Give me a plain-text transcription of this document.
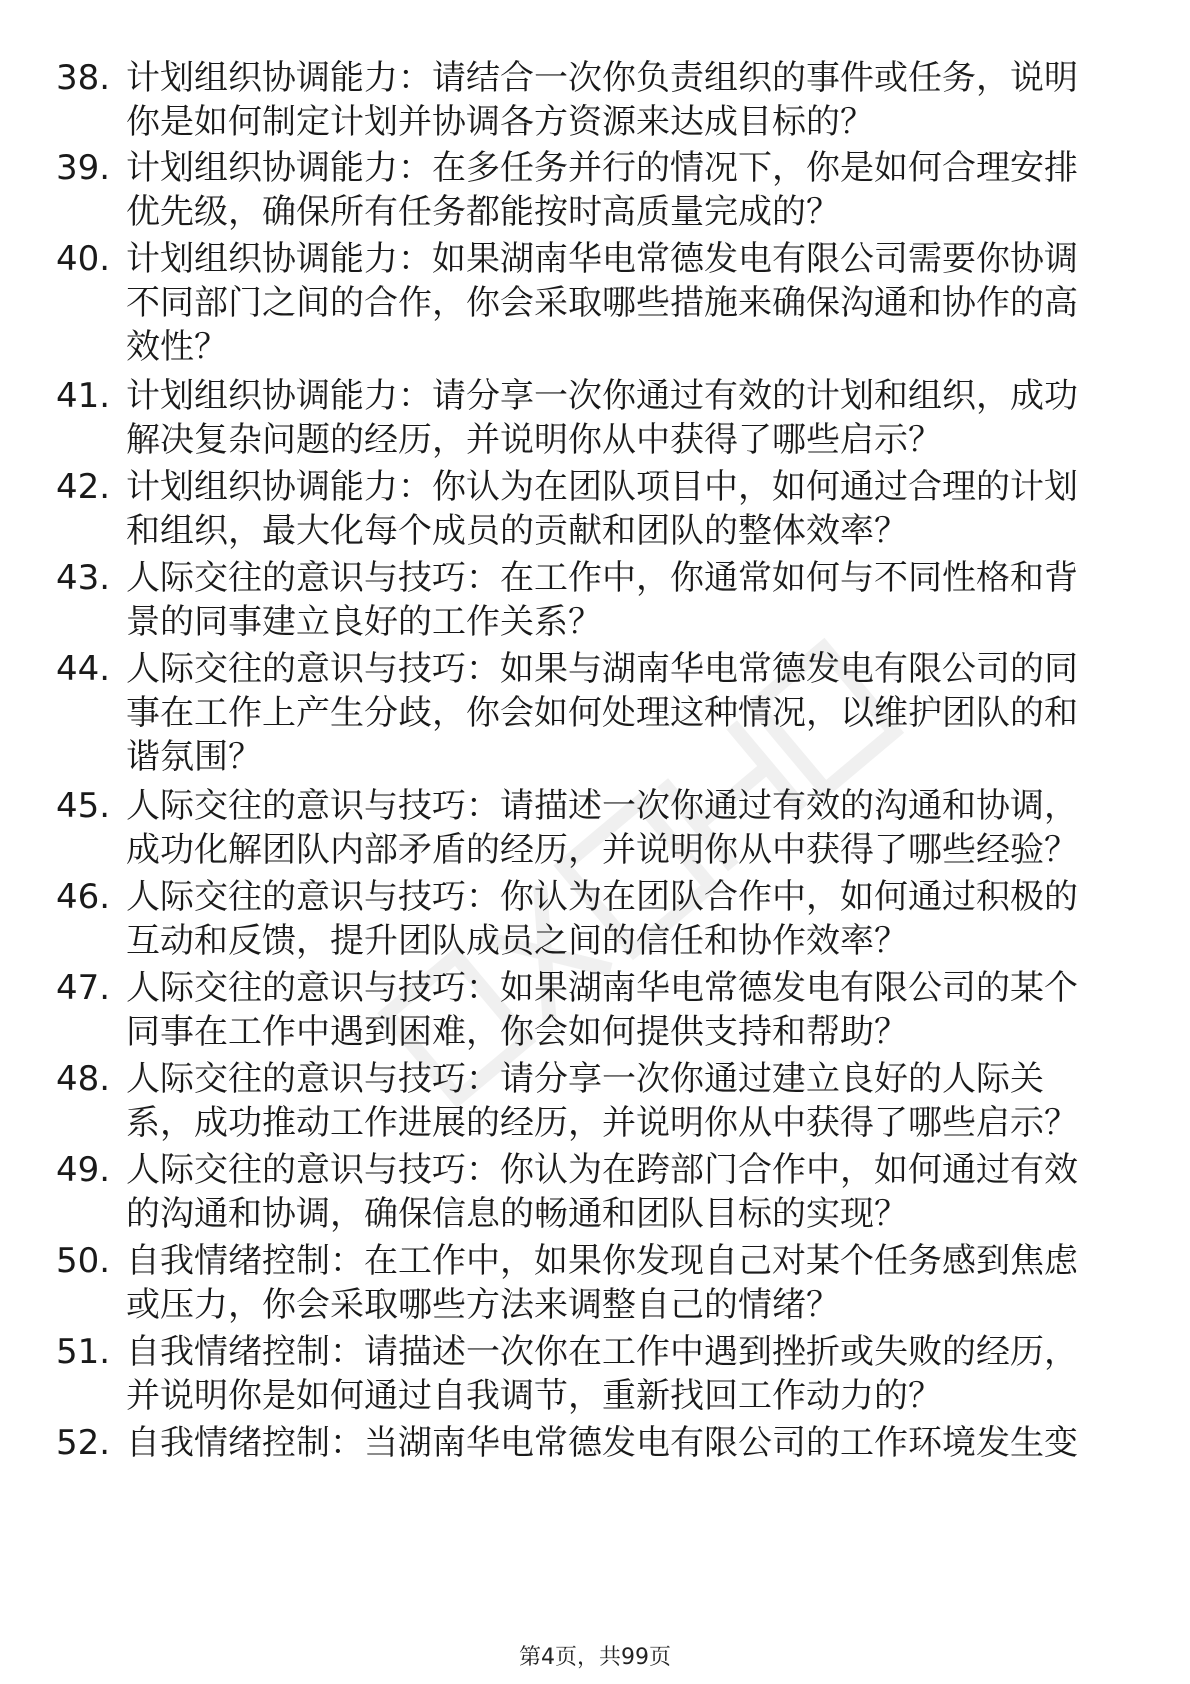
38. 计划组织协调能力：请结合一次你负责组织的事件或任务，说明
你是如何制定计划并协调各方资源来达成目标的？
39. 计划组织协调能力：在多任务并行的情况下，你是如何合理安排
优先级，确保所有任务都能按时高质量完成的？
40. 计划组织协调能力：如果湖南华电常德发电有限公司需要你协调
不同部门之间的合作，你会采取哪些措施来确保沟通和协作的高
效性？
41. 计划组织协调能力：请分享一次你通过有效的计划和组织，成功
解决复杂问题的经历，并说明你从中获得了哪些启示？
42. 计划组织协调能力：你认为在团队项目中，如何通过合理的计划
和组织，最大化每个成员的贡献和团队的整体效率？
43. 人际交往的意识与技巧：在工作中，你通常如何与不同性格和背
景的同事建立良好的工作关系？
44. 人际交往的意识与技巧：如果与湖南华电常德发电有限公司的同
事在工作上产生分歧，你会如何处理这种情况，以维护团队的和
谐氛围？
45. 人际交往的意识与技巧：请描述一次你通过有效的沟通和协调，
成功化解团队内部矛盾的经历，并说明你从中获得了哪些经验？
46. 人际交往的意识与技巧：你认为在团队合作中，如何通过积极的
互动和反馈，提升团队成员之间的信任和协作效率？
47. 人际交往的意识与技巧：如果湖南华电常德发电有限公司的某个
同事在工作中遇到困难，你会如何提供支持和帮助？
48. 人际交往的意识与技巧：请分享一次你通过建立良好的人际关
系，成功推动工作进展的经历，并说明你从中获得了哪些启示？
49. 人际交往的意识与技巧：你认为在跨部门合作中，如何通过有效
的沟通和协调，确保信息的畅通和团队目标的实现？
50. 自我情绪控制：在工作中，如果你发现自己对某个任务感到焦虑
或压力，你会采取哪些方法来调整自己的情绪？
51. 自我情绪控制：请描述一次你在工作中遇到挫折或失败的经历，
并说明你是如何通过自我调节，重新找回工作动力的？
52. 自我情绪控制：当湖南华电常德发电有限公司的工作环境发生变
第4页，共99页
